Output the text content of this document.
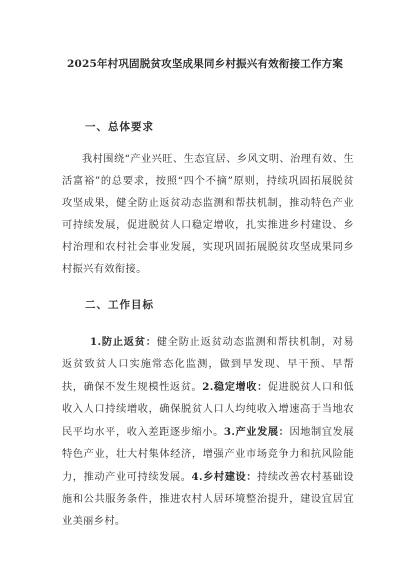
2025年村巩固脱贫攻坚成果同乡村振兴有效衔接工作方案
一、总体要求
我村围绕“产业兴旺、生态宜居、乡风文明、治理有效、生活富裕”的总要求，按照“四个不摘”原则，持续巩固拓展脱贫攻坚成果，健全防止返贫动态监测和帮扶机制，推动特色产业可持续发展，促进脱贫人口稳定增收，扎实推进乡村建设、乡村治理和农村社会事业发展，实现巩固拓展脱贫攻坚成果同乡村振兴有效衔接。
二、工作目标
1.防止返贫：健全防止返贫动态监测和帮扶机制，对易返贫致贫人口实施常态化监测，做到早发现、早干预、早帮扶，确保不发生规模性返贫。2.稳定增收：促进脱贫人口和低收入人口持续增收，确保脱贫人口人均纯收入增速高于当地农民平均水平，收入差距逐步缩小。3.产业发展：因地制宜发展特色产业，壮大村集体经济，增强产业市场竞争力和抗风险能力，推动产业可持续发展。4.乡村建设：持续改善农村基础设施和公共服务条件，推进农村人居环境整治提升，建设宜居宜业美丽乡村。
